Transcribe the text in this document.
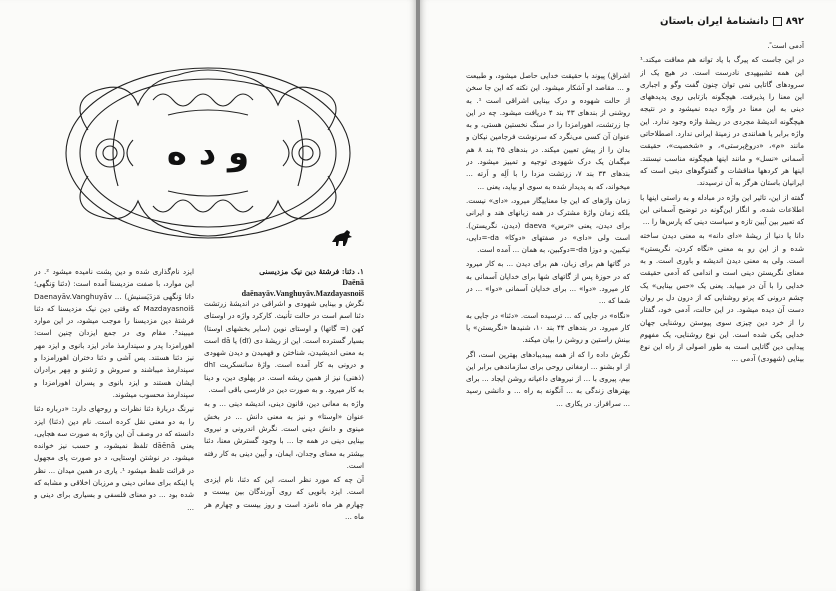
ﻭ ﺩ ﻩ
۱. دئنا: فرشتهٔ دین نیک مزدیسنی
Daēnā
daēnayāv.Vanghuyāv.Mazdayasnoiš

نگرش و بینایی شهودی و اشراقی در اندیشهٔ زرتشت دئنا اسم است در حالت تأنیث. کارکرد واژه در اوستای کهن (= گاتها) و اوستای نوین (سایر بخشهای اوستا) بسیار گسترده است. این از ریشهٔ دی (dī) یا dā است به معنی اندیشیدن، شناختن و فهمیدن و دیدن شهودی و درونی به کار آمده است. واژهٔ سانسکریت dhī (ذهنی) نیز از همین ریشه است. در پهلوی دین، و دینا به کار میرود. و به صورت دین در فارسی باقی است.

واژه به معانی دین، قانون دینی، اندیشه دینی ... و به عنوان «اوستا» و نیز به معنی دانش ... در بخش مینوی و دانش دینی است. نگرش اندرونی و نیروی بینایی دینی در همه جا ... با وجود گسترش معنا، دئنا بیشتر به معنای وجدان، ایمان، و آیین دینی به کار رفته است.

آن چه که مورد نظر است، این که دئنا، نام ایزدی است. ایزد بانویی که روی آورندگان بین بیست و چهارم هر ماه نامزد است و روز بیست و چهارم هر ماه ...

ایزد نام‌گذاری شده و دین پشت نامیده میشود ². در این موارد، با صفت مزدیسنا آمده است: (دئنا وَنگهی؛ داتا وَنگهی مَزدَیَسنیش) Daenayāv.Vanghuyāv ... Mazdayasnoiš که وقتی دین نیک مزدیسنا که دئنا فرشتهٔ دین مزدیسنا را موجب میشود، در این موارد میبیند³. مقام وی در جمع ایزدان چنین است: اهورامزدا پدر و سپندارمذ مادر ایزد بانوی و ایزد مهر نیز دئنا هستند. پس آشی و دئنا دختران اهورامزدا و سپندارمذ میباشند و سروش و رَشنو و مِهر برادران ایشان هستند و ایزد بانوی و پسران اهورامزدا و سپندارمذ محسوب میشوند.

نیرنگ دربارهٔ دئنا نظرات و روحهای دارد: «درباره دئنا را به دو معنی نقل کرده است. نام دین (دئنا) ایزد دانسته که در وصف آن این واژه به صورت سه هجایی، یعنی dāēnā تلفظ نمیشود، و حسب نیز خوانده میشود. در نوشتن اوستایی، د دو صورت پای مجهول در قرائت تلفظ میشود ¹. یاری در همین میدان ... نظر یا اینکه برای معانی دینی و مرزبان اخلاقی و مشابه که شده بود ... دو معنای فلسفی و بسیاری برای دینی و ...

۸۹۲
دانشنامهٔ ایران باستان

آدمی است ً.

در این جاست که پیرگ با یاد توانه هم معاقت میکند.¹ این همه تشبیهپدی نادرست است. در هیچ یک از سرودهای گاتایی نمی توان چنون گفت وگو و اجباری این معنا را پذیرفت. هیچگونه بازتابی روی پدیدههای دینی به این معنا در واژه دیده نمیشود و در نتیجه هیچگونه اندیشهٔ مجردی در ریشهٔ واژه وجود ندارد. این واژه برابر یا همانندی در زمینهٔ ایرانی ندارد. اصطلاحاتی مانند «م»، «دروغ‌پرستی»، و «شخصیت»، حقیقت آسمانی «نسل» و مانند اینها هیچگونه مناسب نیستند. اینها هر کردهها مناقشات و گفتوگوهای دینی است که ایرانیان باستان هرگز به آن نرسیدند.

گفته از این، تاثیر این واژه در مبادله و به راستی اینها با اطلاعات شده، و انگار این‌گونه در توضیح آسمانی این که تعبیر بین آیین تازه و سیاست دینی که پارس‌ها را ...

دانا یا دنیا از ریشهٔ «دای دانه» به معنی دیدن ساخته شده و از این رو به معنی «نگاه کردن، نگریستن» است. ولی به معنی دیدن اندیشه و باوری است. و به معنای نگریستن دینی است و اندامی که آدمی حقیقت خدایی را با آن در مییابد. یعنی یک «حس بینایی» یک چشم درونی که پرتو روشنایی که از درون دل بر روان دست آن دیده میشود. در این حالت، آدمی خود، گفتار را از خرد دین چیزی سوی پیوستن روشنایی جهان خدایی یکی شده است. این نوع روشنایی، یک مفهوم پیدایی دین گاتایی است به طور اصولی از راه این نوع بینایی (شهودی) آدمی ...

اشراق) پیوند با حقیقت خدایی حاصل میشود، و طبیعت و ... مقاصد او آشکار میشود. این نکته که این جا سخن از حالت شهوده و درک بینایی اشراقی است ¹. به روشنی از بندهای ۴۳ بند ۴ دریافت میشود. چه در این جا زرتشت، اهورامزدا را در سنگ نخستین هستی، و به عنوان آن کسی می‌نگرد که سرنوشت فرجامین نیکان و بدان را از پیش تعیین میکند. در بندهای ۴۵ بند ۸ هم میگمان یک درک شهودی توجیه و تمییز میشود. در بندهای ۳۴ بند ۷، زرتشت مزدا را با اَلِه و اَرته ... میخواند، که به پدیدار شده به سوی او بیاید، یعنی ...

زمان واژهای که این جا معناییگار میرود، «دای» نیست. بلکه زمان واژهٔ مشترک در همه زبانهای هند و ایرانی برای دیدن، یعنی «ترس» daeva (دیدن، نگریستن). است ولی «دای» در صفتهای «دوکا» da-=دایی، نیکبین، و دوزا da-=دوکبین، به همان ... آمده است.

در گاتها هم برای زبان، هم برای دیدن ... به کار میرود که در حوزهٔ پس از گاتهای شها برای خدایان آسمانی به کار میرود. «دوا» ... برای خدایان آسمانی «دوا» ... در شما که ...

«نگاه» در جایی که ... ترسیده است. «دئنا» در جایی به کار میرود. در بندهای ۴۴ بند ۱۰، شنیدها «نگریستن» یا بینش راستین و روشن را بیان میکند.

نگرش داده را که از همه بیبدیبادهای بهترین است، اگر از او بشنو ... ارمغانی روحی برای سازماندهی برابر این بیم، پیروی با ... از نیروهای داعیانه روشن ایجاد ... برای بهترهای زندگی به ... آنگونه به راه ... و دانشی رسید ... سرافراز. در یکاری ...
